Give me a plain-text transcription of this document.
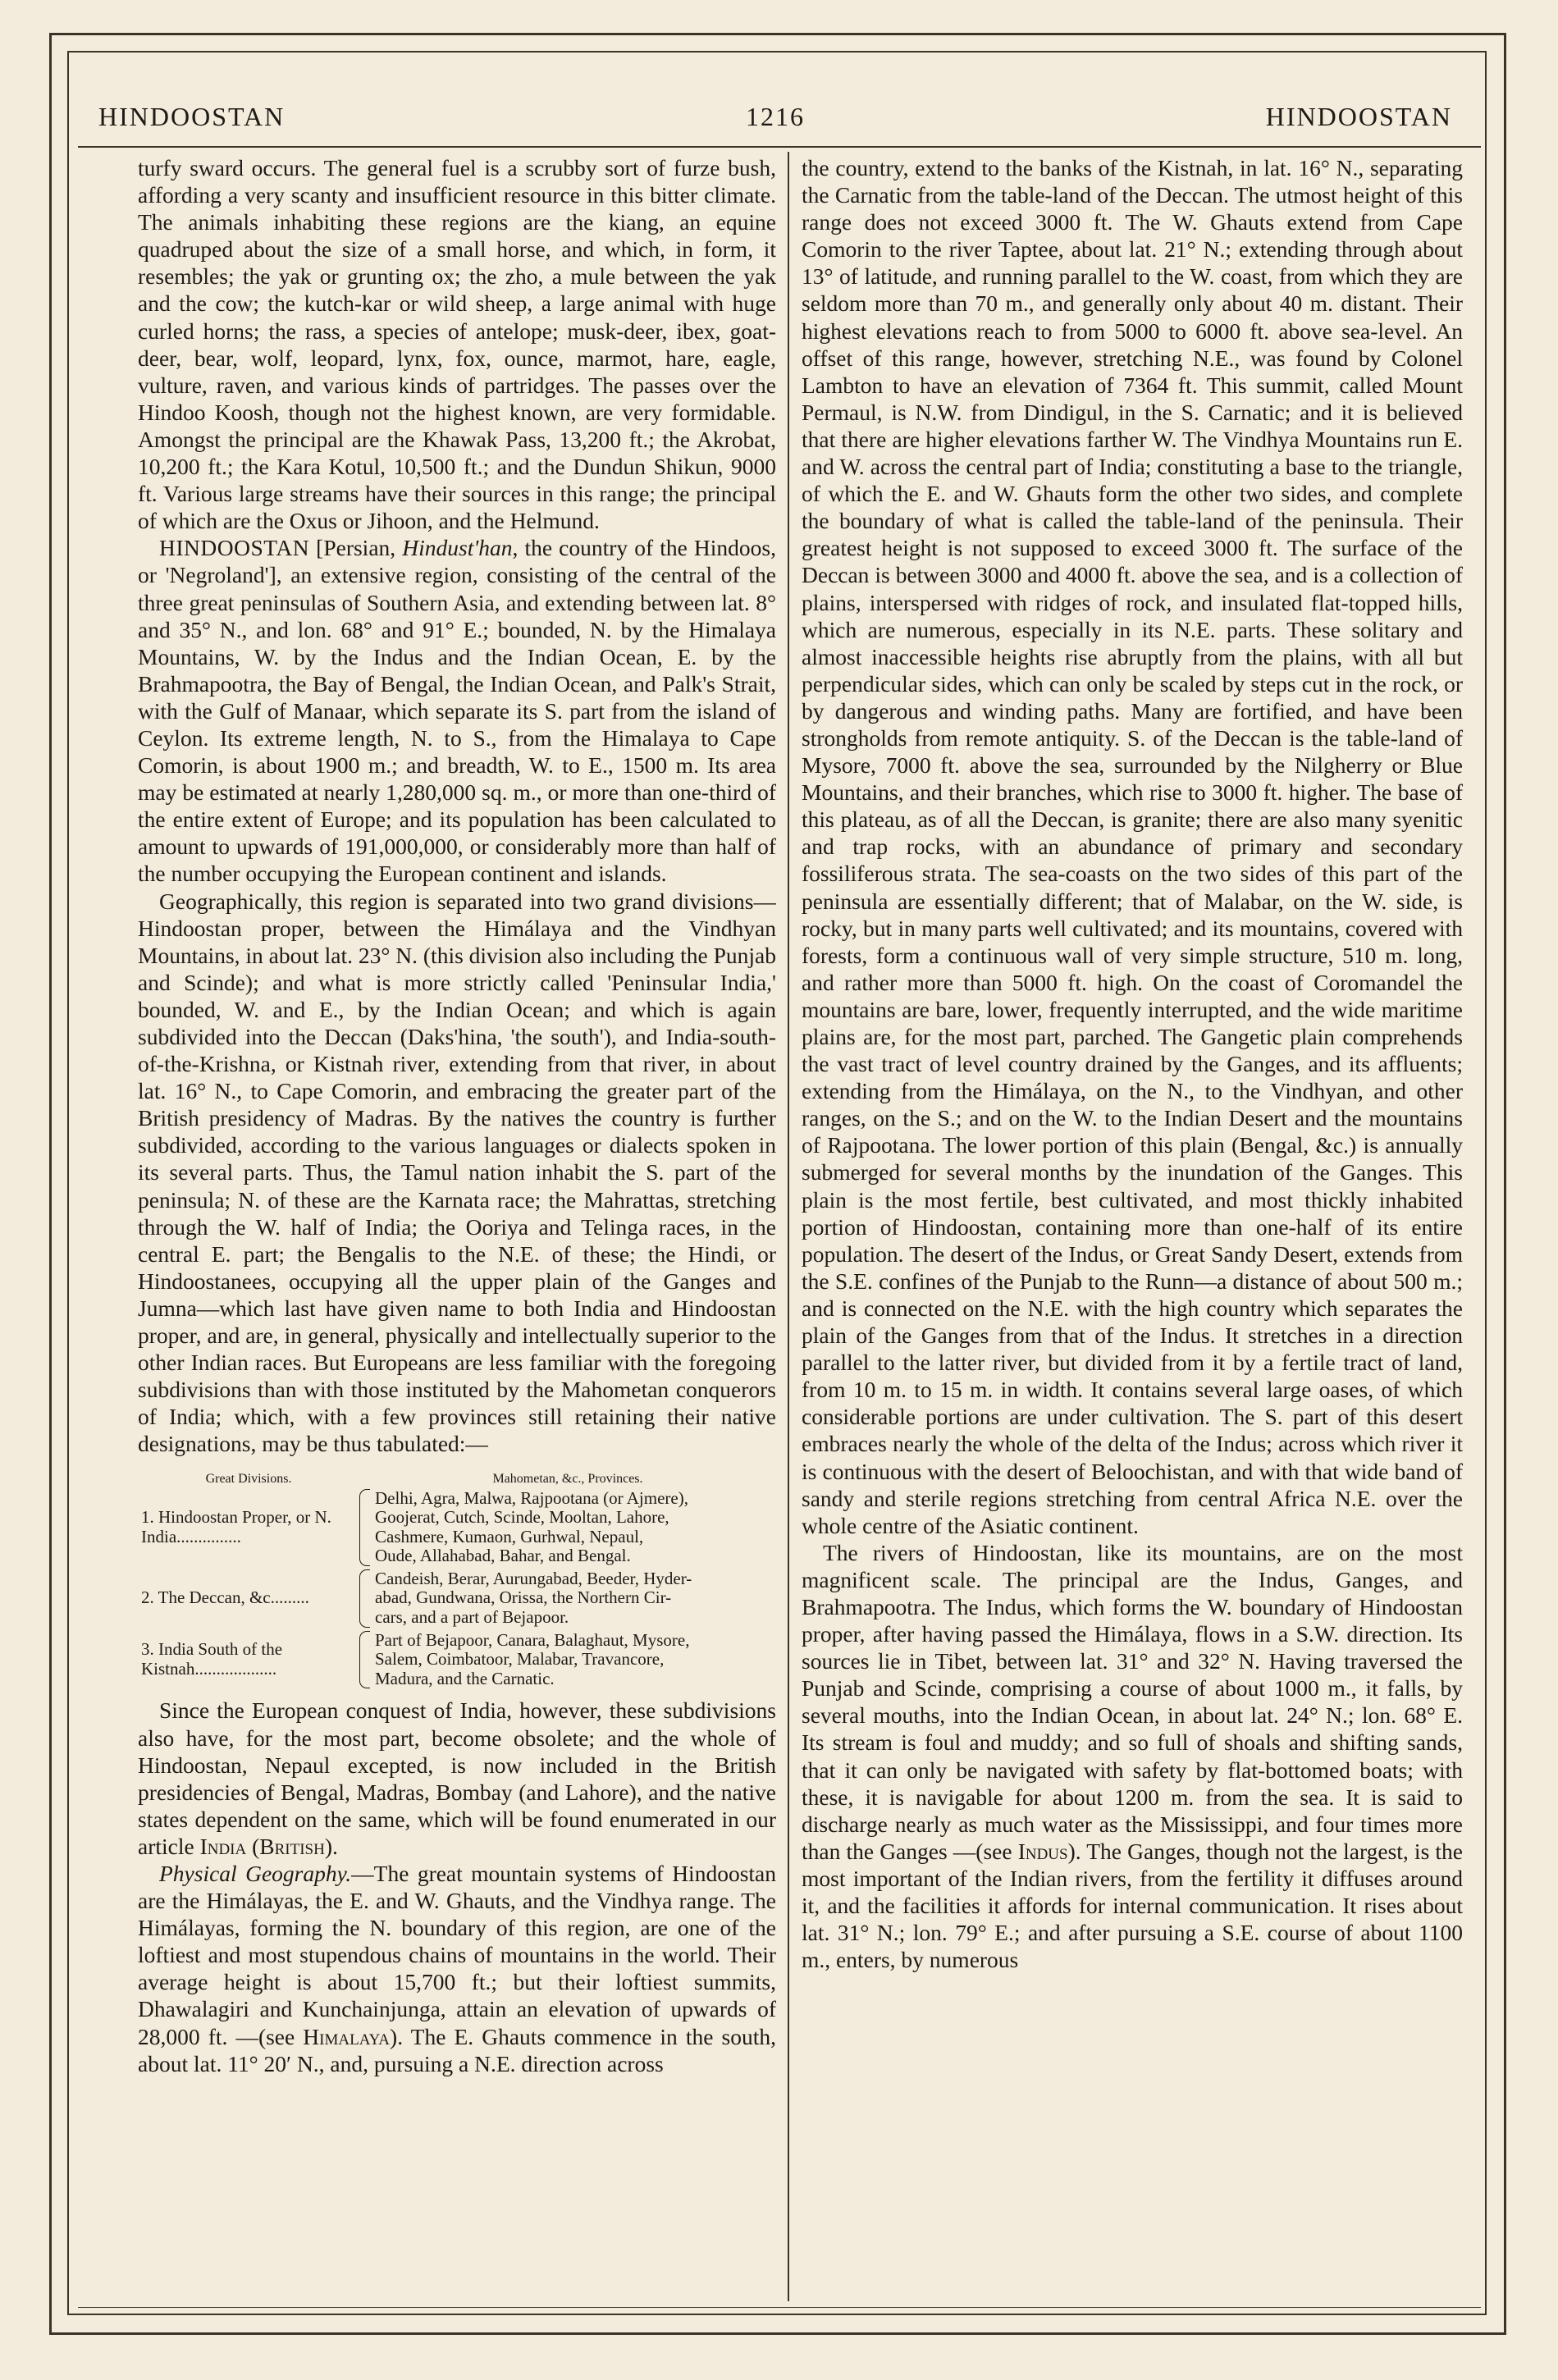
HINDOOSTAN	1216	HINDOOSTAN

turfy sward occurs. The general fuel is a scrubby sort of furze bush, affording a very scanty and insufficient resource in this bitter climate. The animals inhabiting these regions are the kiang, an equine quadruped about the size of a small horse, and which, in form, it resembles; the yak or grunting ox; the zho, a mule between the yak and the cow; the kutch-kar or wild sheep, a large animal with huge curled horns; the rass, a species of antelope; musk-deer, ibex, goat-deer, bear, wolf, leopard, lynx, fox, ounce, marmot, hare, eagle, vulture, raven, and various kinds of partridges. The passes over the Hindoo Koosh, though not the highest known, are very formidable. Amongst the principal are the Khawak Pass, 13,200 ft.; the Akrobat, 10,200 ft.; the Kara Kotul, 10,500 ft.; and the Dundun Shikun, 9000 ft. Various large streams have their sources in this range; the principal of which are the Oxus or Jihoon, and the Helmund.

HINDOOSTAN [Persian, Hindust'han, the country of the Hindoos, or 'Negroland'], an extensive region, consisting of the central of the three great peninsulas of Southern Asia, and extending between lat. 8° and 35° N., and lon. 68° and 91° E.; bounded, N. by the Himalaya Mountains, W. by the Indus and the Indian Ocean, E. by the Brahmapootra, the Bay of Bengal, the Indian Ocean, and Palk's Strait, with the Gulf of Manaar, which separate its S. part from the island of Ceylon. Its extreme length, N. to S., from the Himalaya to Cape Comorin, is about 1900 m.; and breadth, W. to E., 1500 m. Its area may be estimated at nearly 1,280,000 sq. m., or more than one-third of the entire extent of Europe; and its population has been calculated to amount to upwards of 191,000,000, or considerably more than half of the number occupying the European continent and islands.

Geographically, this region is separated into two grand divisions—Hindoostan proper, between the Himálaya and the Vindhyan Mountains, in about lat. 23° N. (this division also including the Punjab and Scinde); and what is more strictly called 'Peninsular India,' bounded, W. and E., by the Indian Ocean; and which is again subdivided into the Deccan (Daks'hina, 'the south'), and India-south-of-the-Krishna, or Kistnah river, extending from that river, in about lat. 16° N., to Cape Comorin, and embracing the greater part of the British presidency of Madras. By the natives the country is further subdivided, according to the various languages or dialects spoken in its several parts. Thus, the Tamul nation inhabit the S. part of the peninsula; N. of these are the Karnata race; the Mahrattas, stretching through the W. half of India; the Ooriya and Telinga races, in the central E. part; the Bengalis to the N.E. of these; the Hindi, or Hindoostanees, occupying all the upper plain of the Ganges and Jumna—which last have given name to both India and Hindoostan proper, and are, in general, physically and intellectually superior to the other Indian races. But Europeans are less familiar with the foregoing subdivisions than with those instituted by the Mahometan conquerors of India; which, with a few provinces still retaining their native designations, may be thus tabulated:—

Great Divisions.	Mahometan, &c., Provinces.
1. Hindoostan Proper, or N. India...............
Delhi, Agra, Malwa, Rajpootana (or Ajmere),
Goojerat, Cutch, Scinde, Mooltan, Lahore,
Cashmere, Kumaon, Gurhwal, Nepaul,
Oude, Allahabad, Bahar, and Bengal.
2. The Deccan, &c.........
Candeish, Berar, Aurungabad, Beeder, Hyder-
abad, Gundwana, Orissa, the Northern Cir-
cars, and a part of Bejapoor.
3. India South of the Kistnah...................
Part of Bejapoor, Canara, Balaghaut, Mysore,
Salem, Coimbatoor, Malabar, Travancore,
Madura, and the Carnatic.

Since the European conquest of India, however, these subdivisions also have, for the most part, become obsolete; and the whole of Hindoostan, Nepaul excepted, is now included in the British presidencies of Bengal, Madras, Bombay (and Lahore), and the native states dependent on the same, which will be found enumerated in our article India (British).

Physical Geography.—The great mountain systems of Hindoostan are the Himálayas, the E. and W. Ghauts, and the Vindhya range. The Himálayas, forming the N. boundary of this region, are one of the loftiest and most stupendous chains of mountains in the world. Their average height is about 15,700 ft.; but their loftiest summits, Dhawalagiri and Kunchainjunga, attain an elevation of upwards of 28,000 ft. —(see Himalaya). The E. Ghauts commence in the south, about lat. 11° 20′ N., and, pursuing a N.E. direction across

the country, extend to the banks of the Kistnah, in lat. 16° N., separating the Carnatic from the table-land of the Deccan. The utmost height of this range does not exceed 3000 ft. The W. Ghauts extend from Cape Comorin to the river Taptee, about lat. 21° N.; extending through about 13° of latitude, and running parallel to the W. coast, from which they are seldom more than 70 m., and generally only about 40 m. distant. Their highest elevations reach to from 5000 to 6000 ft. above sea-level. An offset of this range, however, stretching N.E., was found by Colonel Lambton to have an elevation of 7364 ft. This summit, called Mount Permaul, is N.W. from Dindigul, in the S. Carnatic; and it is believed that there are higher elevations farther W. The Vindhya Mountains run E. and W. across the central part of India; constituting a base to the triangle, of which the E. and W. Ghauts form the other two sides, and complete the boundary of what is called the table-land of the peninsula. Their greatest height is not supposed to exceed 3000 ft. The surface of the Deccan is between 3000 and 4000 ft. above the sea, and is a collection of plains, interspersed with ridges of rock, and insulated flat-topped hills, which are numerous, especially in its N.E. parts. These solitary and almost inaccessible heights rise abruptly from the plains, with all but perpendicular sides, which can only be scaled by steps cut in the rock, or by dangerous and winding paths. Many are fortified, and have been strongholds from remote antiquity. S. of the Deccan is the table-land of Mysore, 7000 ft. above the sea, surrounded by the Nilgherry or Blue Mountains, and their branches, which rise to 3000 ft. higher. The base of this plateau, as of all the Deccan, is granite; there are also many syenitic and trap rocks, with an abundance of primary and secondary fossiliferous strata. The sea-coasts on the two sides of this part of the peninsula are essentially different; that of Malabar, on the W. side, is rocky, but in many parts well cultivated; and its mountains, covered with forests, form a continuous wall of very simple structure, 510 m. long, and rather more than 5000 ft. high. On the coast of Coromandel the mountains are bare, lower, frequently interrupted, and the wide maritime plains are, for the most part, parched. The Gangetic plain comprehends the vast tract of level country drained by the Ganges, and its affluents; extending from the Himálaya, on the N., to the Vindhyan, and other ranges, on the S.; and on the W. to the Indian Desert and the mountains of Rajpootana. The lower portion of this plain (Bengal, &c.) is annually submerged for several months by the inundation of the Ganges. This plain is the most fertile, best cultivated, and most thickly inhabited portion of Hindoostan, containing more than one-half of its entire population. The desert of the Indus, or Great Sandy Desert, extends from the S.E. confines of the Punjab to the Runn—a distance of about 500 m.; and is connected on the N.E. with the high country which separates the plain of the Ganges from that of the Indus. It stretches in a direction parallel to the latter river, but divided from it by a fertile tract of land, from 10 m. to 15 m. in width. It contains several large oases, of which considerable portions are under cultivation. The S. part of this desert embraces nearly the whole of the delta of the Indus; across which river it is continuous with the desert of Beloochistan, and with that wide band of sandy and sterile regions stretching from central Africa N.E. over the whole centre of the Asiatic continent.

The rivers of Hindoostan, like its mountains, are on the most magnificent scale. The principal are the Indus, Ganges, and Brahmapootra. The Indus, which forms the W. boundary of Hindoostan proper, after having passed the Himálaya, flows in a S.W. direction. Its sources lie in Tibet, between lat. 31° and 32° N. Having traversed the Punjab and Scinde, comprising a course of about 1000 m., it falls, by several mouths, into the Indian Ocean, in about lat. 24° N.; lon. 68° E. Its stream is foul and muddy; and so full of shoals and shifting sands, that it can only be navigated with safety by flat-bottomed boats; with these, it is navigable for about 1200 m. from the sea. It is said to discharge nearly as much water as the Mississippi, and four times more than the Ganges —(see Indus). The Ganges, though not the largest, is the most important of the Indian rivers, from the fertility it diffuses around it, and the facilities it affords for internal communication. It rises about lat. 31° N.; lon. 79° E.; and after pursuing a S.E. course of about 1100 m., enters, by numerous
